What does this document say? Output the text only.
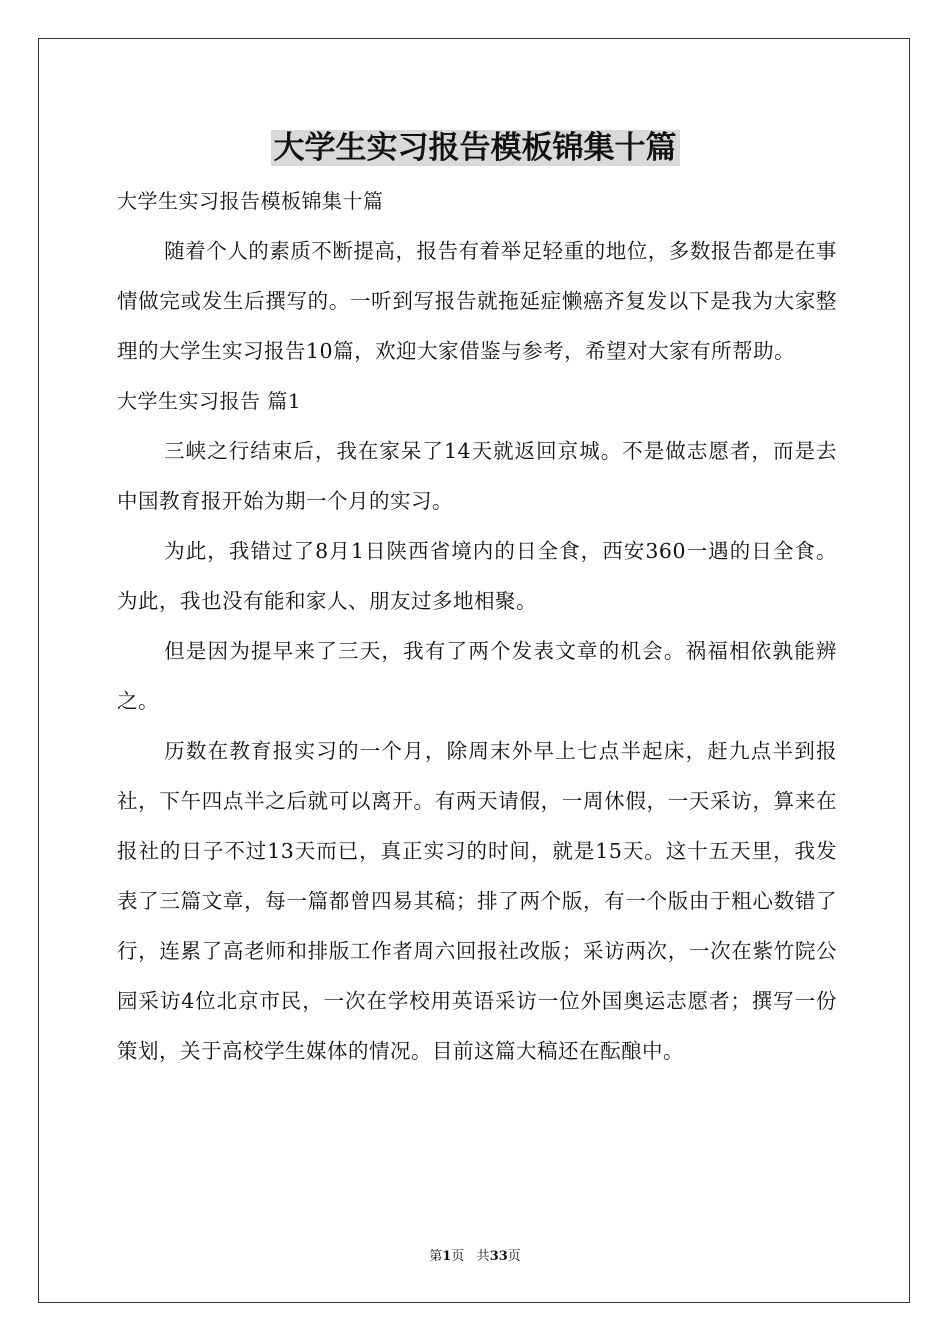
大学生实习报告模板锦集十篇

大学生实习报告模板锦集十篇

随着个人的素质不断提高，报告有着举足轻重的地位，多数报告都是在事情做完或发生后撰写的。一听到写报告就拖延症懒癌齐复发以下是我为大家整理的大学生实习报告10篇，欢迎大家借鉴与参考，希望对大家有所帮助。

大学生实习报告 篇1

三峡之行结束后，我在家呆了14天就返回京城。不是做志愿者，而是去中国教育报开始为期一个月的实习。

为此，我错过了8月1日陕西省境内的日全食，西安360一遇的日全食。为此，我也没有能和家人、朋友过多地相聚。

但是因为提早来了三天，我有了两个发表文章的机会。祸福相依孰能辨之。

历数在教育报实习的一个月，除周末外早上七点半起床，赶九点半到报社，下午四点半之后就可以离开。有两天请假，一周休假，一天采访，算来在报社的日子不过13天而已，真正实习的时间，就是15天。这十五天里，我发表了三篇文章，每一篇都曾四易其稿；排了两个版，有一个版由于粗心数错了行，连累了高老师和排版工作者周六回报社改版；采访两次，一次在紫竹院公园采访4位北京市民，一次在学校用英语采访一位外国奥运志愿者；撰写一份策划，关于高校学生媒体的情况。目前这篇大稿还在酝酿中。

第1页 共33页
